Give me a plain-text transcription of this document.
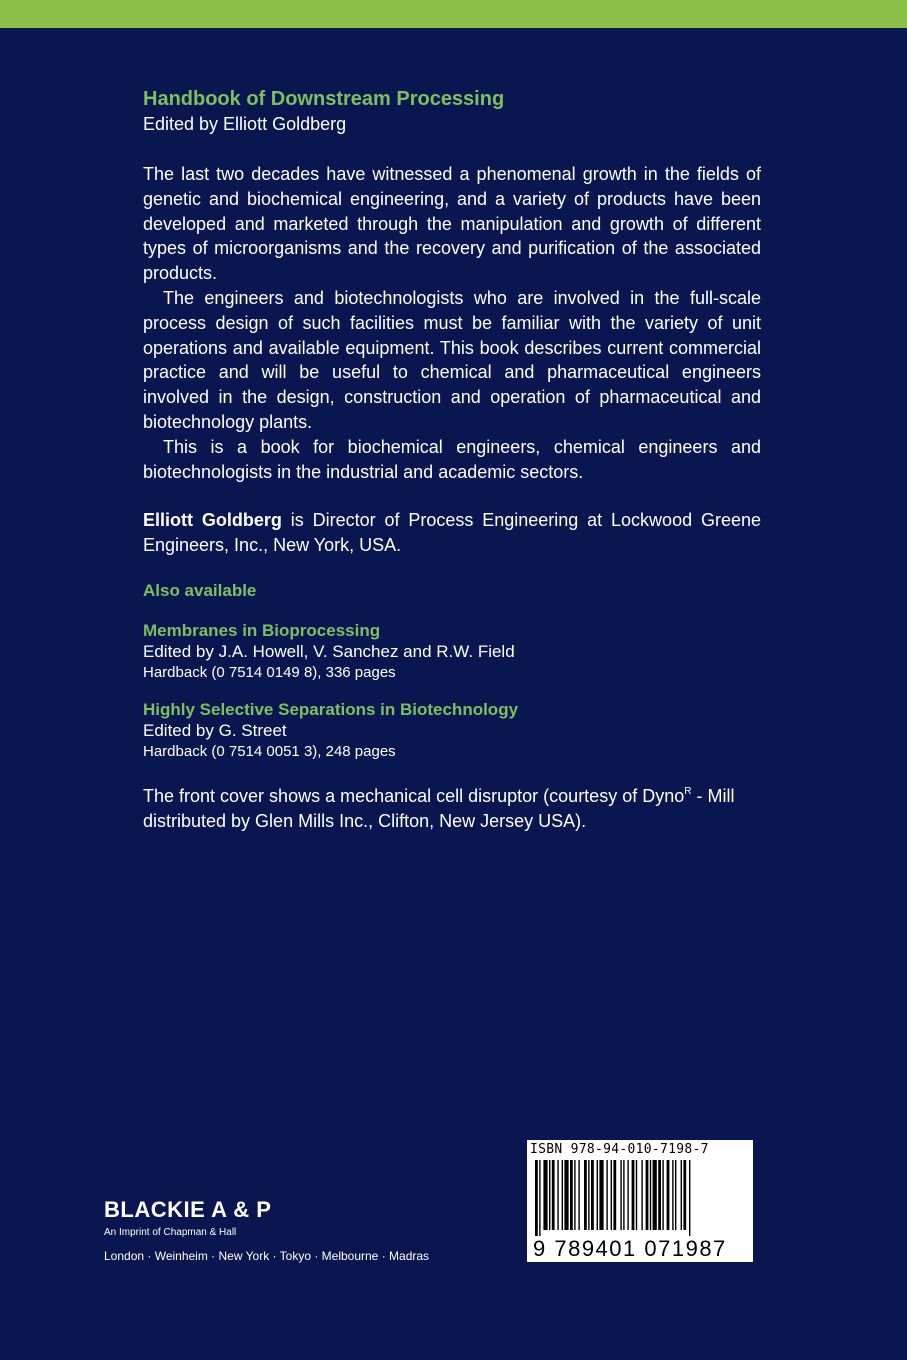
Handbook of Downstream Processing
Edited by Elliott Goldberg

The last two decades have witnessed a phenomenal growth in the fields of genetic and biochemical engineering, and a variety of products have been developed and marketed through the manipulation and growth of different types of microorganisms and the recovery and purification of the associated products.

The engineers and biotechnologists who are involved in the full-scale process design of such facilities must be familiar with the variety of unit operations and available equipment. This book describes current commercial practice and will be useful to chemical and pharmaceutical engineers involved in the design, construction and operation of pharmaceutical and biotechnology plants.

This is a book for biochemical engineers, chemical engineers and biotechnologists in the industrial and academic sectors.

Elliott Goldberg is Director of Process Engineering at Lockwood Greene Engineers, Inc., New York, USA.

Also available
Membranes in Bioprocessing
Edited by J.A. Howell, V. Sanchez and R.W. Field
Hardback (0 7514 0149 8), 336 pages
Highly Selective Separations in Biotechnology
Edited by G. Street
Hardback (0 7514 0051 3), 248 pages
The front cover shows a mechanical cell disruptor (courtesy of Dyno$^R$ - Mill distributed by Glen Mills Inc., Clifton, New Jersey USA).
BLACKIE A & P
An Imprint of Chapman & Hall
London · Weinheim · New York · Tokyo · Melbourne · Madras
ISBN 978-94-010-7198-7
9 789401 071987
